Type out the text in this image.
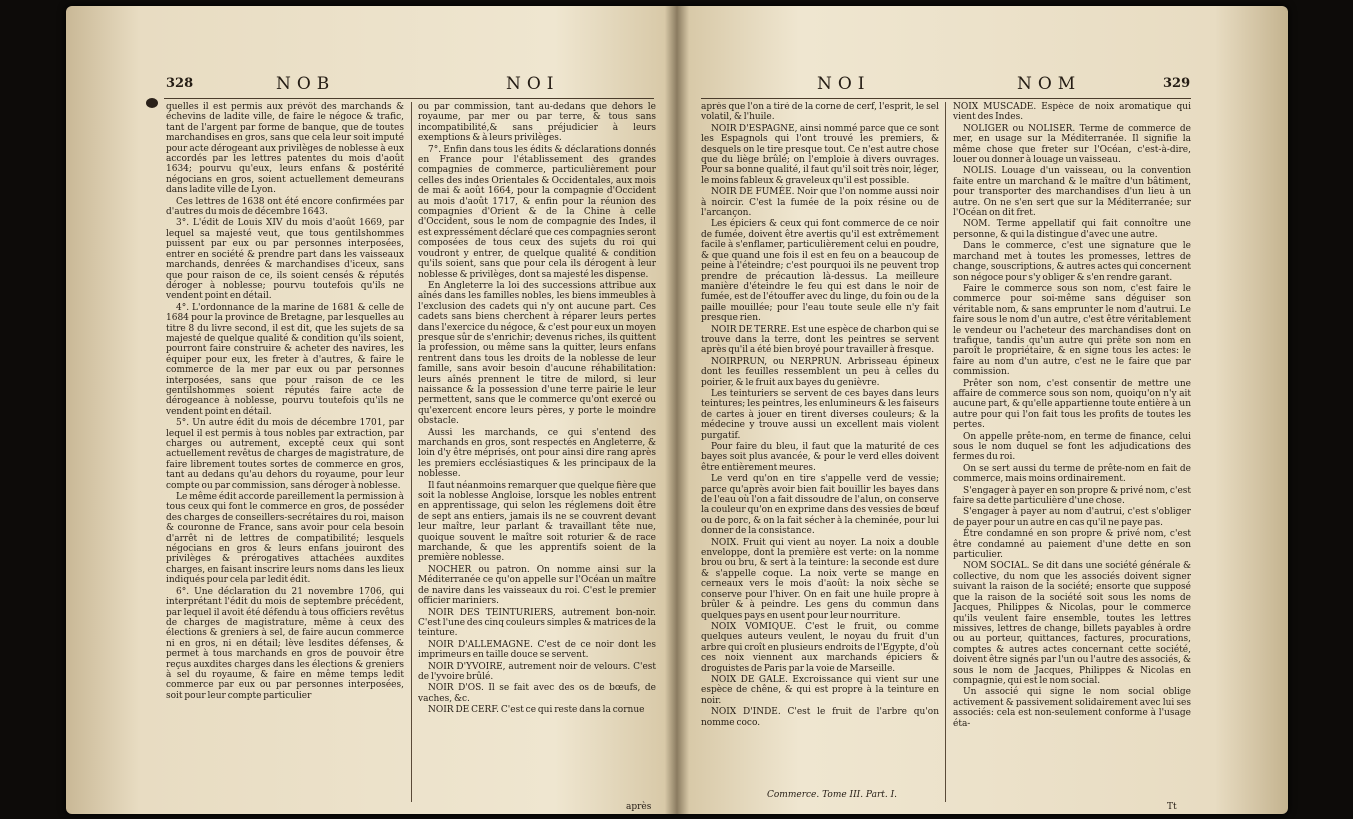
328	NOB	NOI

quelles il est permis aux prévôt des marchands & échevins de ladite ville, de faire le négoce & trafic, tant de l'argent par forme de banque, que de toutes marchandises en gros, sans que cela leur soit imputé pour acte dérogeant aux privilèges de noblesse à eux accordés par les lettres patentes du mois d'août 1634; pourvu qu'eux, leurs enfans & postérité négocians en gros, soient actuellement demeurans dans ladite ville de Lyon.

Ces lettres de 1638 ont été encore confirmées par d'autres du mois de décembre 1643.

3°. L'édit de Louis XIV du mois d'août 1669, par lequel sa majesté veut, que tous gentilshommes puissent par eux ou par personnes interposées, entrer en société & prendre part dans les vaisseaux marchands, denrées & marchandises d'iceux, sans que pour raison de ce, ils soient censés & réputés déroger à noblesse; pourvu toutefois qu'ils ne vendent point en détail.

4°. L'ordonnance de la marine de 1681 & celle de 1684 pour la province de Bretagne, par lesquelles au titre 8 du livre second, il est dit, que les sujets de sa majesté de quelque qualité & condition qu'ils soient, pourront faire construire & acheter des navires, les équiper pour eux, les freter à d'autres, & faire le commerce de la mer par eux ou par personnes interposées, sans que pour raison de ce les gentilshommes soient réputés faire acte de dérogeance à noblesse, pourvu toutefois qu'ils ne vendent point en détail.

5°. Un autre édit du mois de décembre 1701, par lequel il est permis à tous nobles par extraction, par charges ou autrement, excepté ceux qui sont actuellement revêtus de charges de magistrature, de faire librement toutes sortes de commerce en gros, tant au dedans qu'au dehors du royaume, pour leur compte ou par commission, sans déroger à noblesse.

Le même édit accorde pareillement la permission à tous ceux qui font le commerce en gros, de posséder des charges de conseillers-secrétaires du roi, maison & couronne de France, sans avoir pour cela besoin d'arrêt ni de lettres de compatibilité; lesquels négocians en gros & leurs enfans jouiront des privilèges & prérogatives attachées auxdites charges, en faisant inscrire leurs noms dans les lieux indiqués pour cela par ledit édit.

6°. Une déclaration du 21 novembre 1706, qui interprétant l'édit du mois de septembre précédent, par lequel il avoit été défendu à tous officiers revêtus de charges de magistrature, même à ceux des élections & greniers à sel, de faire aucun commerce ni en gros, ni en détail; lève lesdites défenses, & permet à tous marchands en gros de pouvoir être reçus auxdites charges dans les élections & greniers à sel du royaume, & faire en même temps ledit commerce par eux ou par personnes interposées, soit pour leur compte particulier

ou par commission, tant au-dedans que dehors le royaume, par mer ou par terre, & tous sans incompatibilité,& sans préjudicier à leurs exemptions & à leurs privilèges.

7°. Enfin dans tous les édits & déclarations donnés en France pour l'établissement des grandes compagnies de commerce, particulièrement pour celles des indes Orientales & Occidentales, aux mois de mai & août 1664, pour la compagnie d'Occident au mois d'août 1717, & enfin pour la réunion des compagnies d'Orient & de la Chine à celle d'Occident, sous le nom de compagnie des Indes, il est expressément déclaré que ces compagnies seront composées de tous ceux des sujets du roi qui voudront y entrer, de quelque qualité & condition qu'ils soient, sans que pour cela ils dérogent à leur noblesse & privilèges, dont sa majesté les dispense.

En Angleterre la loi des successions attribue aux aînés dans les familles nobles, les biens immeubles à l'exclusion des cadets qui n'y ont aucune part. Ces cadets sans biens cherchent à réparer leurs pertes dans l'exercice du négoce, & c'est pour eux un moyen presque sûr de s'enrichir; devenus riches, ils quittent la profession, ou même sans la quitter, leurs enfans rentrent dans tous les droits de la noblesse de leur famille, sans avoir besoin d'aucune réhabilitation: leurs aînés prennent le titre de milord, si leur naissance & la possession d'une terre pairie le leur permettent, sans que le commerce qu'ont exercé ou qu'exercent encore leurs pères, y porte le moindre obstacle.

Aussi les marchands, ce qui s'entend des marchands en gros, sont respectés en Angleterre, & loin d'y être méprisés, ont pour ainsi dire rang après les premiers ecclésiastiques & les principaux de la noblesse.

Il faut néanmoins remarquer que quelque fière que soit la noblesse Angloise, lorsque les nobles entrent en apprentissage, qui selon les réglemens doit être de sept ans entiers, jamais ils ne se couvrent devant leur maître, leur parlant & travaillant tête nue, quoique souvent le maître soit roturier & de race marchande, & que les apprentifs soient de la première noblesse.

NOCHER ou patron. On nomme ainsi sur la Méditerranée ce qu'on appelle sur l'Océan un maître de navire dans les vaisseaux du roi. C'est le premier officier mariniers.

NOIR DES TEINTURIERS, autrement bon-noir. C'est l'une des cinq couleurs simples & matrices de la teinture.

NOIR D'ALLEMAGNE. C'est de ce noir dont les imprimeurs en taille douce se servent.

NOIR D'YVOIRE, autrement noir de velours. C'est de l'yvoire brûlé.

NOIR D'OS. Il se fait avec des os de bœufs, de vaches, &c.

NOIR DE CERF. C'est ce qui reste dans la cornue

après
NOI	NOM	329

après que l'on a tiré de la corne de cerf, l'esprit, le sel volatil, & l'huile.

NOIR D'ESPAGNE, ainsi nommé parce que ce sont les Espagnols qui l'ont trouvé les premiers, & desquels on le tire presque tout. Ce n'est autre chose que du liège brûlé; on l'emploie à divers ouvrages. Pour sa bonne qualité, il faut qu'il soit très noir, léger, le moins fableux & graveleux qu'il est possible.

NOIR DE FUMÉE. Noir que l'on nomme aussi noir à noircir. C'est la fumée de la poix résine ou de l'arcançon.

Les épiciers & ceux qui font commerce de ce noir de fumée, doivent être avertis qu'il est extrêmement facile à s'enflamer, particulièrement celui en poudre, & que quand une fois il est en feu on a beaucoup de peine à l'éteindre; c'est pourquoi ils ne peuvent trop prendre de précaution là-dessus. La meilleure manière d'éteindre le feu qui est dans le noir de fumée, est de l'étouffer avec du linge, du foin ou de la paille mouillée; pour l'eau toute seule elle n'y fait presque rien.

NOIR DE TERRE. Est une espèce de charbon qui se trouve dans la terre, dont les peintres se servent après qu'il a été bien broyé pour travailler à fresque.

NOIRPRUN, ou NERPRUN. Arbrisseau épineux dont les feuilles ressemblent un peu à celles du poirier, & le fruit aux bayes du genièvre.

Les teinturiers se servent de ces bayes dans leurs teintures; les peintres, les enlumineurs & les faiseurs de cartes à jouer en tirent diverses couleurs; & la médecine y trouve aussi un excellent mais violent purgatif.

Pour faire du bleu, il faut que la maturité de ces bayes soit plus avancée, & pour le verd elles doivent être entièrement meures.

Le verd qu'on en tire s'appelle verd de vessie; parce qu'après avoir bien fait bouillir les bayes dans de l'eau où l'on a fait dissoudre de l'alun, on conserve la couleur qu'on en exprime dans des vessies de bœuf ou de porc, & on la fait sécher à la cheminée, pour lui donner de la consistance.

NOIX. Fruit qui vient au noyer. La noix a double enveloppe, dont la première est verte: on la nomme brou ou bru, & sert à la teinture: la seconde est dure & s'appelle coque. La noix verte se mange en cerneaux vers le mois d'août: la noix sèche se conserve pour l'hiver. On en fait une huile propre à brûler & à peindre. Les gens du commun dans quelques pays en usent pour leur nourriture.

NOIX VOMIQUE. C'est le fruit, ou comme quelques auteurs veulent, le noyau du fruit d'un arbre qui croît en plusieurs endroits de l'Egypte, d'où ces noix viennent aux marchands épiciers & droguistes de Paris par la voie de Marseille.

NOIX DE GALE. Excroissance qui vient sur une espèce de chêne, & qui est propre à la teinture en noir.

NOIX D'INDE. C'est le fruit de l'arbre qu'on nomme coco.

NOIX MUSCADE. Espèce de noix aromatique qui vient des Indes.

NOLIGER ou NOLISER. Terme de commerce de mer, en usage sur la Méditerranée. Il signifie la même chose que freter sur l'Océan, c'est-à-dire, louer ou donner à louage un vaisseau.

NOLIS. Louage d'un vaisseau, ou la convention faite entre un marchand & le maître d'un bâtiment, pour transporter des marchandises d'un lieu à un autre. On ne s'en sert que sur la Méditerranée; sur l'Océan on dit fret.

NOM. Terme appellatif qui fait connoître une personne, & qui la distingue d'avec une autre.

Dans le commerce, c'est une signature que le marchand met à toutes les promesses, lettres de change, souscriptions, & autres actes qui concernent son négoce pour s'y obliger & s'en rendre garant.

Faire le commerce sous son nom, c'est faire le commerce pour soi-même sans déguiser son véritable nom, & sans emprunter le nom d'autrui. Le faire sous le nom d'un autre, c'est être véritablement le vendeur ou l'acheteur des marchandises dont on trafique, tandis qu'un autre qui prête son nom en paroît le propriétaire, & en signe tous les actes: le faire au nom d'un autre, c'est ne le faire que par commission.

Prêter son nom, c'est consentir de mettre une affaire de commerce sous son nom, quoiqu'on n'y ait aucune part, & qu'elle appartienne toute entière à un autre pour qui l'on fait tous les profits de toutes les pertes.

On appelle prête-nom, en terme de finance, celui sous le nom duquel se font les adjudications des fermes du roi.

On se sert aussi du terme de prête-nom en fait de commerce, mais moins ordinairement.

S'engager à payer en son propre & privé nom, c'est faire sa dette particulière d'une chose.

S'engager à payer au nom d'autrui, c'est s'obliger de payer pour un autre en cas qu'il ne paye pas.

Être condamné en son propre & privé nom, c'est être condamné au paiement d'une dette en son particulier.

NOM SOCIAL. Se dit dans une société générale & collective, du nom que les associés doivent signer suivant la raison de la société; ensorte que supposé que la raison de la société soit sous les noms de Jacques, Philippes & Nicolas, pour le commerce qu'ils veulent faire ensemble, toutes les lettres missives, lettres de change, billets payables à ordre ou au porteur, quittances, factures, procurations, comptes & autres actes concernant cette société, doivent être signés par l'un ou l'autre des associés, & sous le nom de Jacques, Philippes & Nicolas en compagnie, qui est le nom social.

Un associé qui signe le nom social oblige activement & passivement solidairement avec lui ses associés: cela est non-seulement conforme à l'usage éta-

Commerce. Tome III. Part. I.
Tt
